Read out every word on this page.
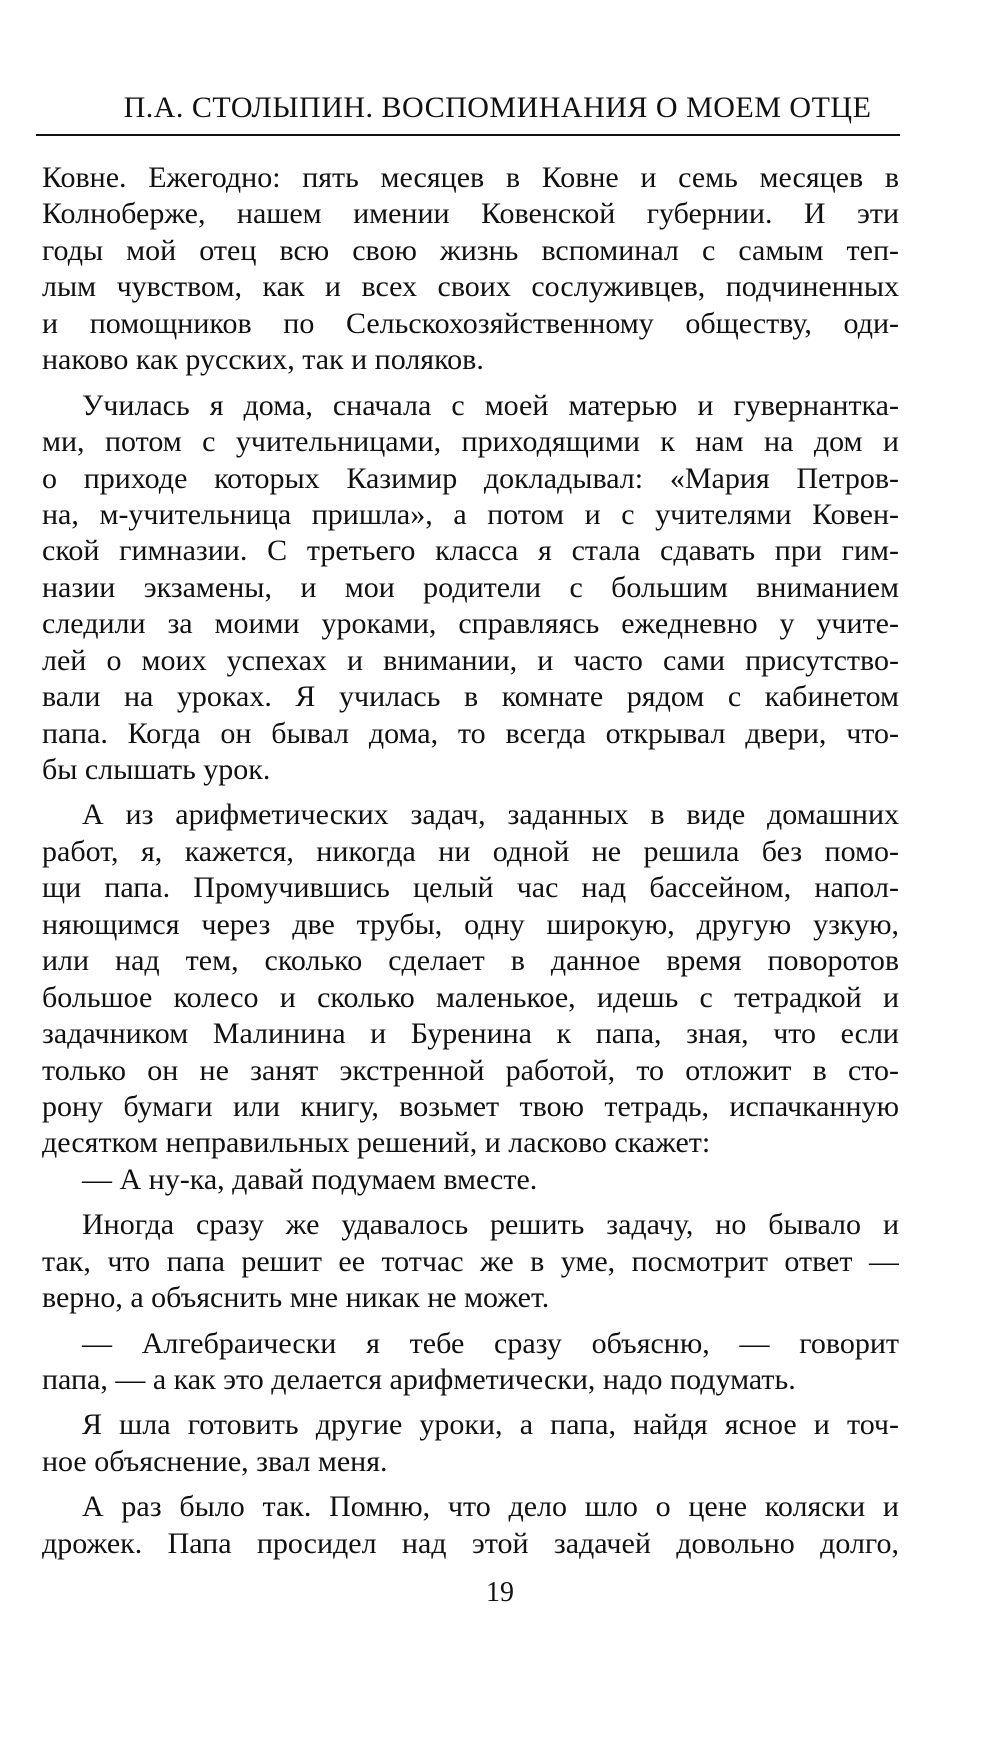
П.А. СТОЛЫПИН. ВОСПОМИНАНИЯ О МОЕМ ОТЦЕ
Ковне. Ежегодно: пять месяцев в Ковне и семь месяцев в
Колноберже, нашем имении Ковенской губернии. И эти
годы мой отец всю свою жизнь вспоминал с самым теп-
лым чувством, как и всех своих сослуживцев, подчиненных
и помощников по Сельскохозяйственному обществу, оди-
наково как русских, так и поляков.
Училась я дома, сначала с моей матерью и гувернантка-
ми, потом с учительницами, приходящими к нам на дом и
о приходе которых Казимир докладывал: «Мария Петров-
на, м-учительница пришла», а потом и с учителями Ковен-
ской гимназии. С третьего класса я стала сдавать при гим-
назии экзамены, и мои родители с большим вниманием
следили за моими уроками, справляясь ежедневно у учите-
лей о моих успехах и внимании, и часто сами присутство-
вали на уроках. Я училась в комнате рядом с кабинетом
папа. Когда он бывал дома, то всегда открывал двери, что-
бы слышать урок.
А из арифметических задач, заданных в виде домашних
работ, я, кажется, никогда ни одной не решила без помо-
щи папа. Промучившись целый час над бассейном, напол-
няющимся через две трубы, одну широкую, другую узкую,
или над тем, сколько сделает в данное время поворотов
большое колесо и сколько маленькое, идешь с тетрадкой и
задачником Малинина и Буренина к папа, зная, что если
только он не занят экстренной работой, то отложит в сто-
рону бумаги или книгу, возьмет твою тетрадь, испачканную
десятком неправильных решений, и ласково скажет:
— А ну-ка, давай подумаем вместе.
Иногда сразу же удавалось решить задачу, но бывало и
так, что папа решит ее тотчас же в уме, посмотрит ответ —
верно, а объяснить мне никак не может.
— Алгебраически я тебе сразу объясню, — говорит
папа, — а как это делается арифметически, надо подумать.
Я шла готовить другие уроки, а папа, найдя ясное и точ-
ное объяснение, звал меня.
А раз было так. Помню, что дело шло о цене коляски и
дрожек. Папа просидел над этой задачей довольно долго,
19
